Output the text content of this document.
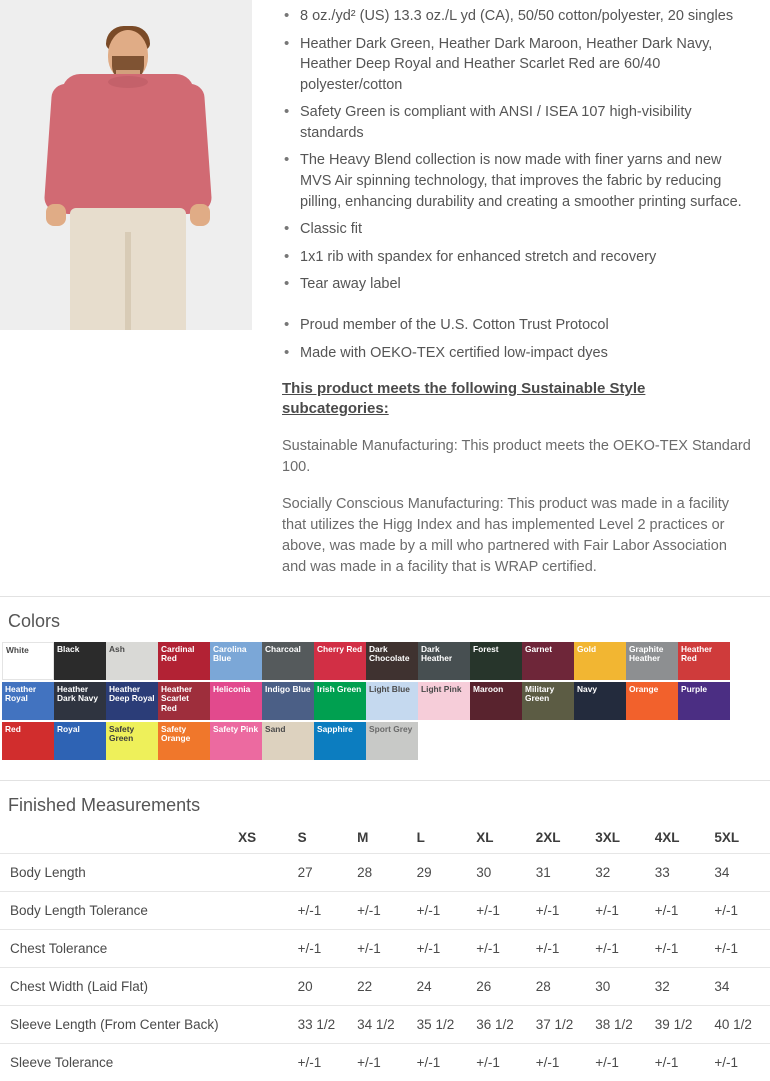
• 8 oz./yd² (US) 13.3 oz./L yd (CA), 50/50 cotton/polyester, 20 singles
• Heather Dark Green, Heather Dark Maroon, Heather Dark Navy, Heather Deep Royal and Heather Scarlet Red are 60/40 polyester/cotton
• Safety Green is compliant with ANSI / ISEA 107 high-visibility standards
• The Heavy Blend collection is now made with finer yarns and new MVS Air spinning technology, that improves the fabric by reducing pilling, enhancing durability and creating a smoother printing surface.
• Classic fit
• 1x1 rib with spandex for enhanced stretch and recovery
• Tear away label
• Proud member of the U.S. Cotton Trust Protocol
• Made with OEKO-TEX certified low-impact dyes
This product meets the following Sustainable Style subcategories:
Sustainable Manufacturing: This product meets the OEKO-TEX Standard 100.
Socially Conscious Manufacturing: This product was made in a facility that utilizes the Higg Index and has implemented Level 2 practices or above, was made by a mill who partnered with Fair Labor Association and was made in a facility that is WRAP certified.
Colors
White	Black	Ash	Cardinal Red
Carolina Blue
Charcoal	Cherry Red Dark Chocolate
Dark Heather
Forest	Garnet	Gold	Graphite Heather
Heather Red
Heather Royal
Heather Dark Navy
Heather Deep Royal
Heather Scarlet Red
Heliconia	Indigo Blue Irish Green Light Blue	Light Pink	Maroon	Military Green
Navy	Orange	Purple
Red	Royal	Safety Green
Safety Orange
Safety Pink Sand	Sapphire	Sport Grey
Finished Measurements
	XS	S	M	L	XL	2XL	3XL	4XL	5XL
Body Length		27	28	29	30	31	32	33	34
Body Length Tolerance		+/-1	+/-1	+/-1	+/-1	+/-1	+/-1	+/-1	+/-1
Chest Tolerance		+/-1	+/-1	+/-1	+/-1	+/-1	+/-1	+/-1	+/-1
Chest Width (Laid Flat)		20	22	24	26	28	30	32	34
Sleeve Length (From Center Back)		33 1/2	34 1/2	35 1/2	36 1/2	37 1/2	38 1/2	39 1/2	40 1/2
Sleeve Tolerance		+/-1	+/-1	+/-1	+/-1	+/-1	+/-1	+/-1	+/-1
